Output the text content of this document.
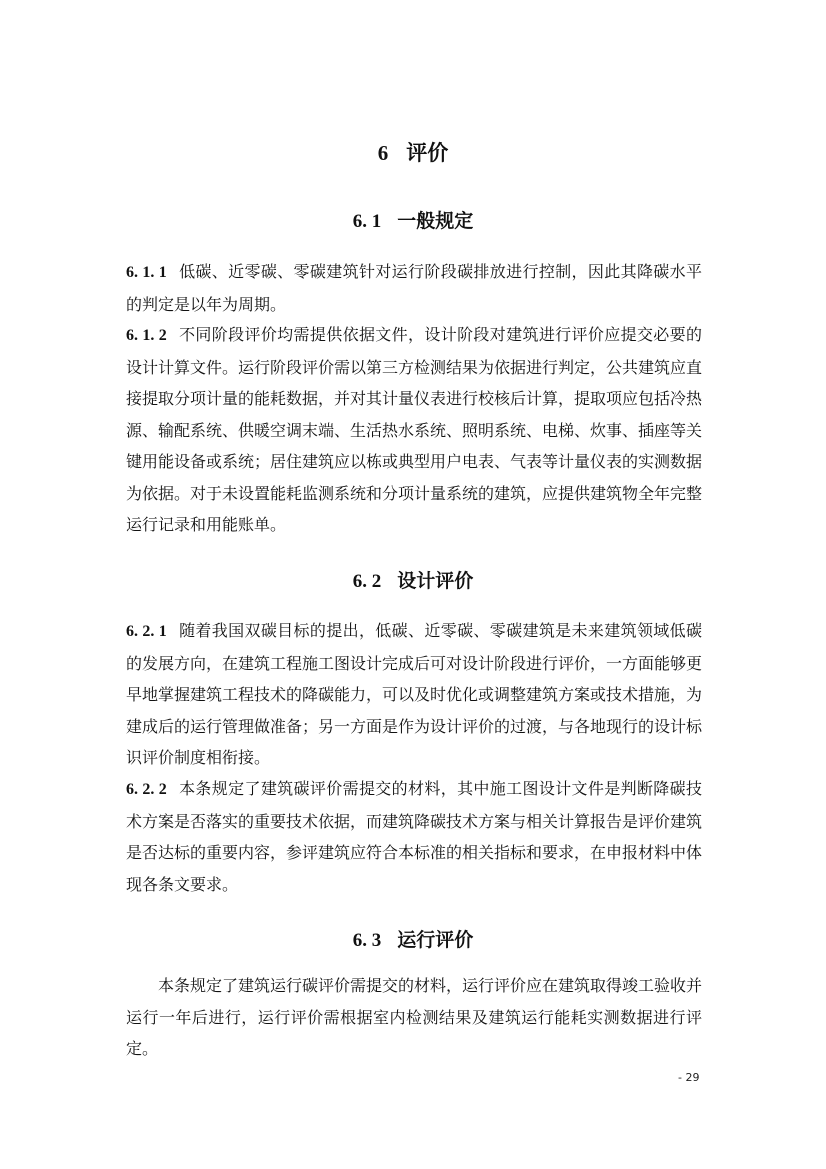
6 评价
6. 1 一般规定
6. 1. 1 低碳、近零碳、零碳建筑针对运行阶段碳排放进行控制，因此其降碳水平的判定是以年为周期。
6. 1. 2 不同阶段评价均需提供依据文件，设计阶段对建筑进行评价应提交必要的设计计算文件。运行阶段评价需以第三方检测结果为依据进行判定，公共建筑应直接提取分项计量的能耗数据，并对其计量仪表进行校核后计算，提取项应包括冷热源、输配系统、供暖空调末端、生活热水系统、照明系统、电梯、炊事、插座等关键用能设备或系统；居住建筑应以栋或典型用户电表、气表等计量仪表的实测数据为依据。对于未设置能耗监测系统和分项计量系统的建筑，应提供建筑物全年完整运行记录和用能账单。
6. 2 设计评价
6. 2. 1 随着我国双碳目标的提出，低碳、近零碳、零碳建筑是未来建筑领域低碳的发展方向，在建筑工程施工图设计完成后可对设计阶段进行评价，一方面能够更早地掌握建筑工程技术的降碳能力，可以及时优化或调整建筑方案或技术措施，为建成后的运行管理做准备；另一方面是作为设计评价的过渡，与各地现行的设计标识评价制度相衔接。
6. 2. 2 本条规定了建筑碳评价需提交的材料，其中施工图设计文件是判断降碳技术方案是否落实的重要技术依据，而建筑降碳技术方案与相关计算报告是评价建筑是否达标的重要内容，参评建筑应符合本标准的相关指标和要求，在申报材料中体现各条文要求。
6. 3 运行评价
本条规定了建筑运行碳评价需提交的材料，运行评价应在建筑取得竣工验收并运行一年后进行，运行评价需根据室内检测结果及建筑运行能耗实测数据进行评定。
- 29
